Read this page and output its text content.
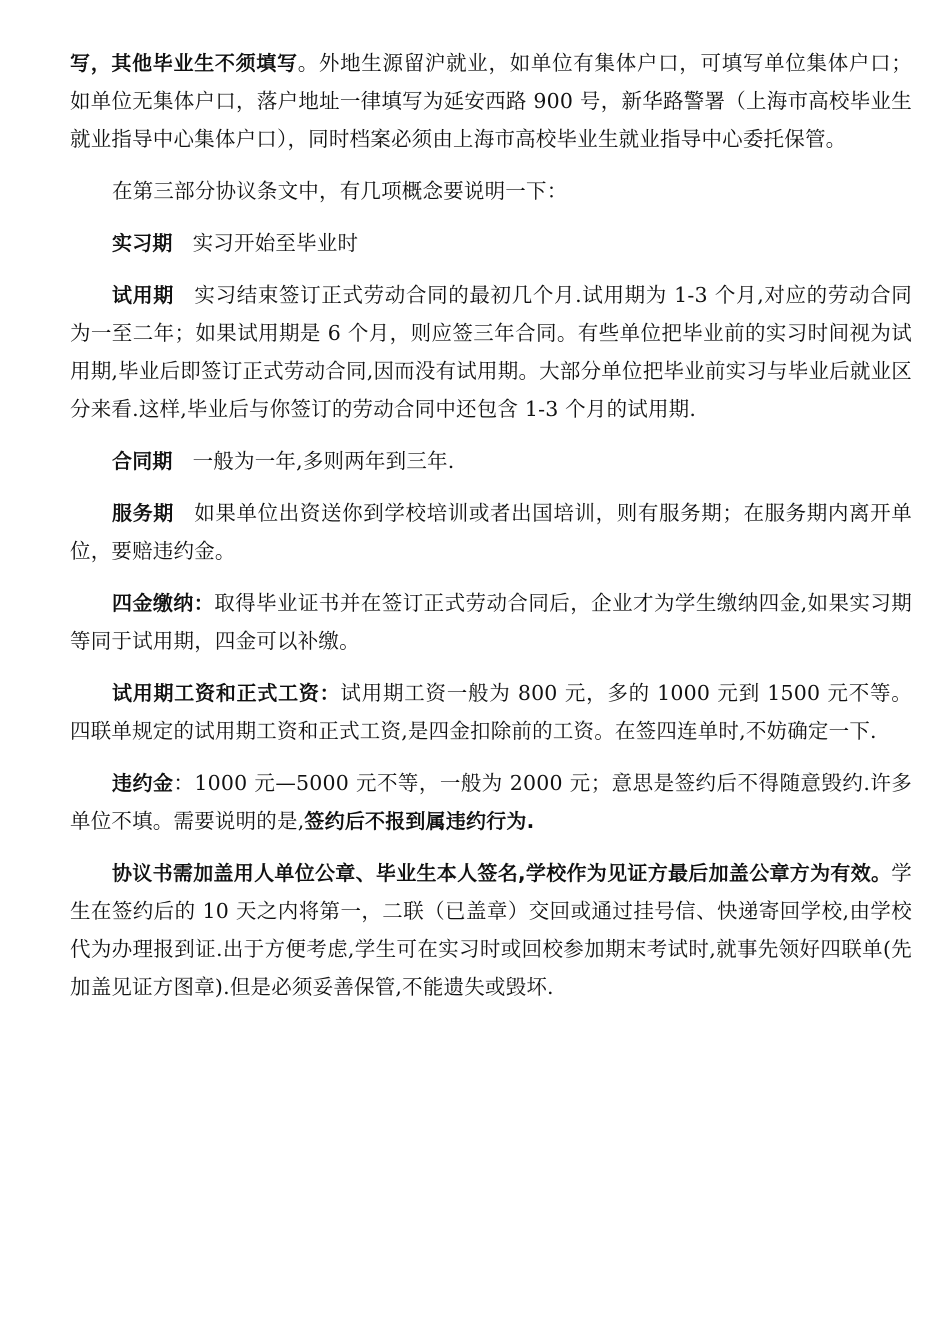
写，其他毕业生不须填写。外地生源留沪就业，如单位有集体户口，可填写单位集体户口；如单位无集体户口，落户地址一律填写为延安西路 900 号，新华路警署（上海市高校毕业生就业指导中心集体户口），同时档案必须由上海市高校毕业生就业指导中心委托保管。

在第三部分协议条文中，有几项概念要说明一下：

实习期 实习开始至毕业时

试用期 实习结束签订正式劳动合同的最初几个月.试用期为 1-3 个月,对应的劳动合同为一至二年；如果试用期是 6 个月，则应签三年合同。有些单位把毕业前的实习时间视为试用期,毕业后即签订正式劳动合同,因而没有试用期。大部分单位把毕业前实习与毕业后就业区分来看.这样,毕业后与你签订的劳动合同中还包含 1-3 个月的试用期.

合同期 一般为一年,多则两年到三年.

服务期 如果单位出资送你到学校培训或者出国培训，则有服务期；在服务期内离开单位，要赔违约金。

四金缴纳：取得毕业证书并在签订正式劳动合同后，企业才为学生缴纳四金,如果实习期等同于试用期，四金可以补缴。

试用期工资和正式工资：试用期工资一般为 800 元，多的 1000 元到 1500 元不等。四联单规定的试用期工资和正式工资,是四金扣除前的工资。在签四连单时,不妨确定一下.

违约金：1000 元—5000 元不等，一般为 2000 元；意思是签约后不得随意毁约.许多单位不填。需要说明的是,签约后不报到属违约行为.

协议书需加盖用人单位公章、毕业生本人签名,学校作为见证方最后加盖公章方为有效。学生在签约后的 10 天之内将第一，二联（已盖章）交回或通过挂号信、快递寄回学校,由学校代为办理报到证.出于方便考虑,学生可在实习时或回校参加期末考试时,就事先领好四联单(先加盖见证方图章).但是必须妥善保管,不能遗失或毁坏.
